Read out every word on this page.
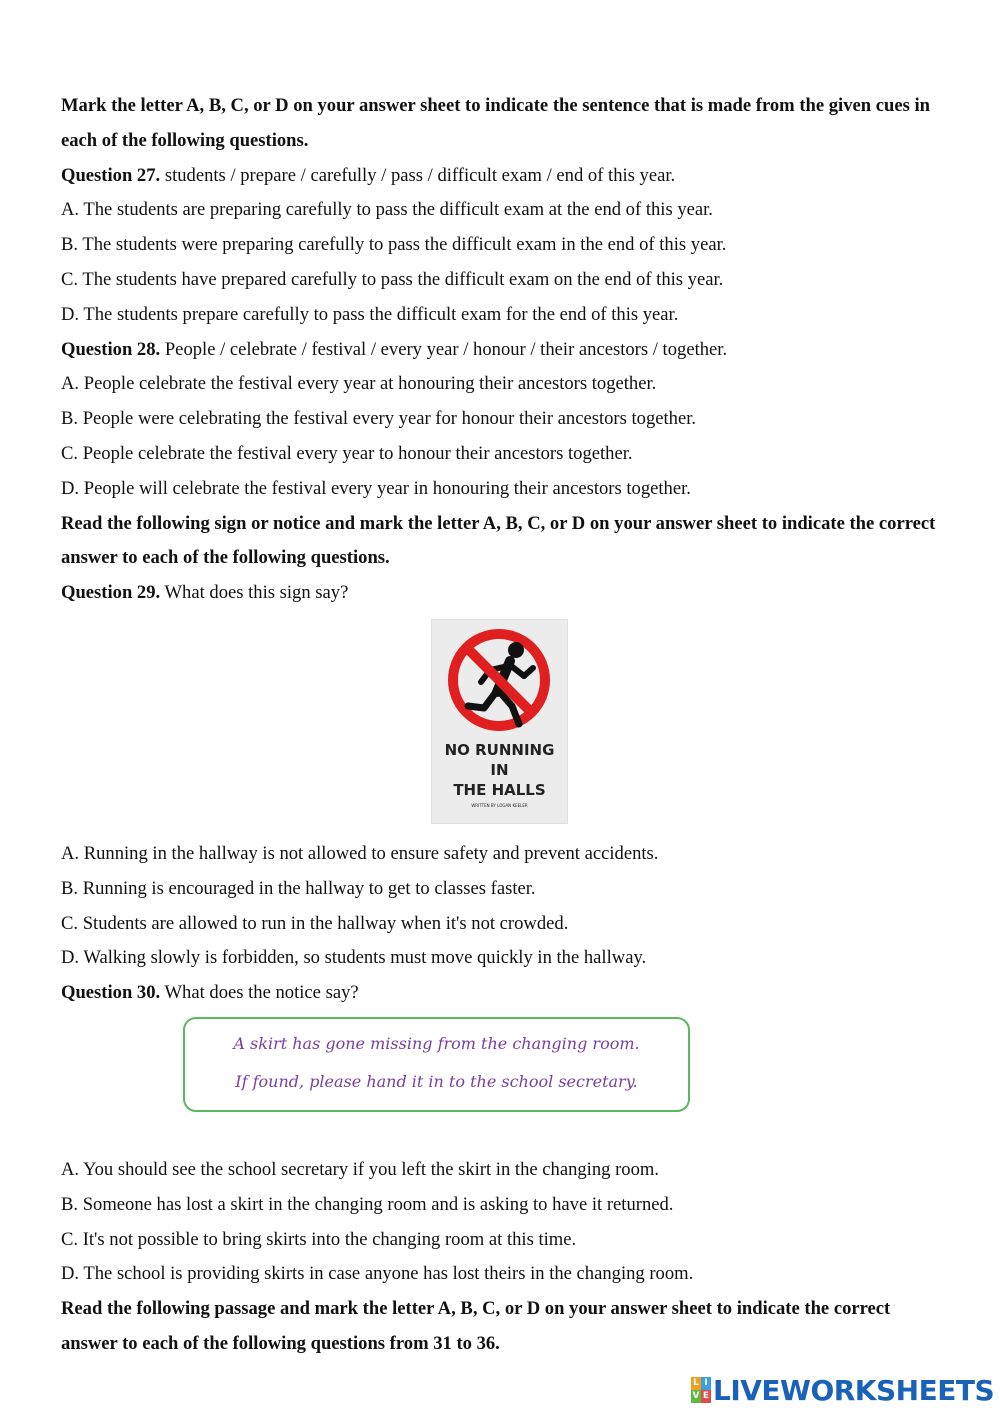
Mark the letter A, B, C, or D on your answer sheet to indicate the sentence that is made from the given cues in each of the following questions.
Question 27. students / prepare / carefully / pass / difficult exam / end of this year.
A. The students are preparing carefully to pass the difficult exam at the end of this year.
B. The students were preparing carefully to pass the difficult exam in the end of this year.
C. The students have prepared carefully to pass the difficult exam on the end of this year.
D. The students prepare carefully to pass the difficult exam for the end of this year.
Question 28. People / celebrate / festival / every year / honour / their ancestors / together.
A. People celebrate the festival every year at honouring their ancestors together.
B. People were celebrating the festival every year for honour their ancestors together.
C. People celebrate the festival every year to honour their ancestors together.
D. People will celebrate the festival every year in honouring their ancestors together.
Read the following sign or notice and mark the letter A, B, C, or D on your answer sheet to indicate the correct answer to each of the following questions.
Question 29. What does this sign say?
NO RUNNING
IN
THE HALLS
WRITTEN BY LOGAN KEELER
A. Running in the hallway is not allowed to ensure safety and prevent accidents.
B. Running is encouraged in the hallway to get to classes faster.
C. Students are allowed to run in the hallway when it's not crowded.
D. Walking slowly is forbidden, so students must move quickly in the hallway.
Question 30. What does the notice say?
A skirt has gone missing from the changing room.
If found, please hand it in to the school secretary.
A. You should see the school secretary if you left the skirt in the changing room.
B. Someone has lost a skirt in the changing room and is asking to have it returned.
C. It's not possible to bring skirts into the changing room at this time.
D. The school is providing skirts in case anyone has lost theirs in the changing room.
Read the following passage and mark the letter A, B, C, or D on your answer sheet to indicate the correct answer to each of the following questions from 31 to 36.
L I
V E LIVEWORKSHEETS
